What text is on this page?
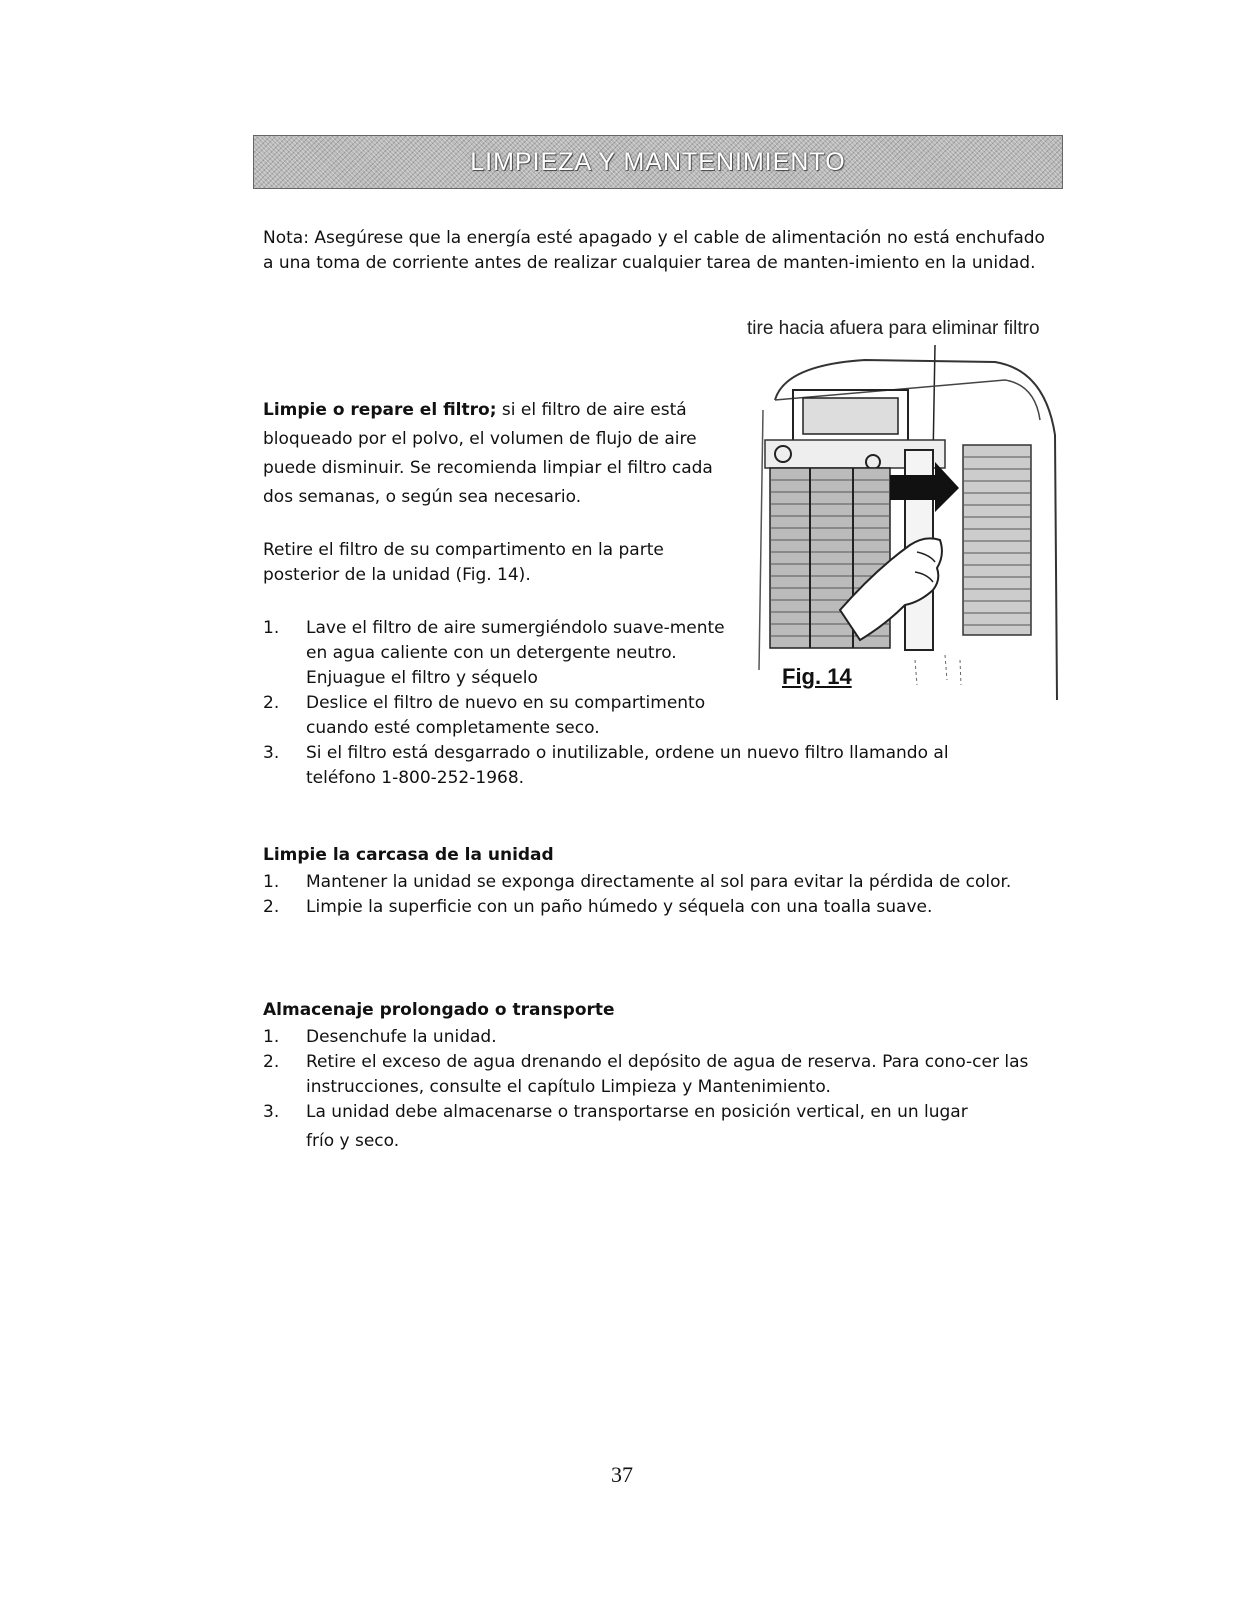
LIMPIEZA Y MANTENIMIENTO
Nota: Asegúrese que la energía esté apagado y el cable de alimentación no está enchufado a una toma de corriente antes de realizar cualquier tarea de manten-imiento en la unidad.
tire hacia afuera para eliminar filtro
Limpie o repare el filtro; si el filtro de aire está bloqueado por el polvo, el volumen de flujo de aire puede disminuir. Se recomienda limpiar el filtro cada dos semanas, o según sea necesario.
Retire el filtro de su compartimento en la parte posterior de la unidad (Fig. 14).
Fig. 14
1. Lave el filtro de aire sumergiéndolo suave-mente en agua caliente con un detergente neutro. Enjuague el filtro y séquelo
2. Deslice el filtro de nuevo en su compartimento cuando esté completamente seco.
3. Si el filtro está desgarrado o inutilizable, ordene un nuevo filtro llamando al teléfono 1-800-252-1968.
Limpie la carcasa de la unidad
1. Mantener la unidad se exponga directamente al sol para evitar la pérdida de color.
2. Limpie la superficie con un paño húmedo y séquela con una toalla suave.
Almacenaje prolongado o transporte
1. Desenchufe la unidad.
2. Retire el exceso de agua drenando el depósito de agua de reserva. Para cono-cer las instrucciones, consulte el capítulo Limpieza y Mantenimiento.
3. La unidad debe almacenarse o transportarse en posición vertical, en un lugar
frío y seco.
37
